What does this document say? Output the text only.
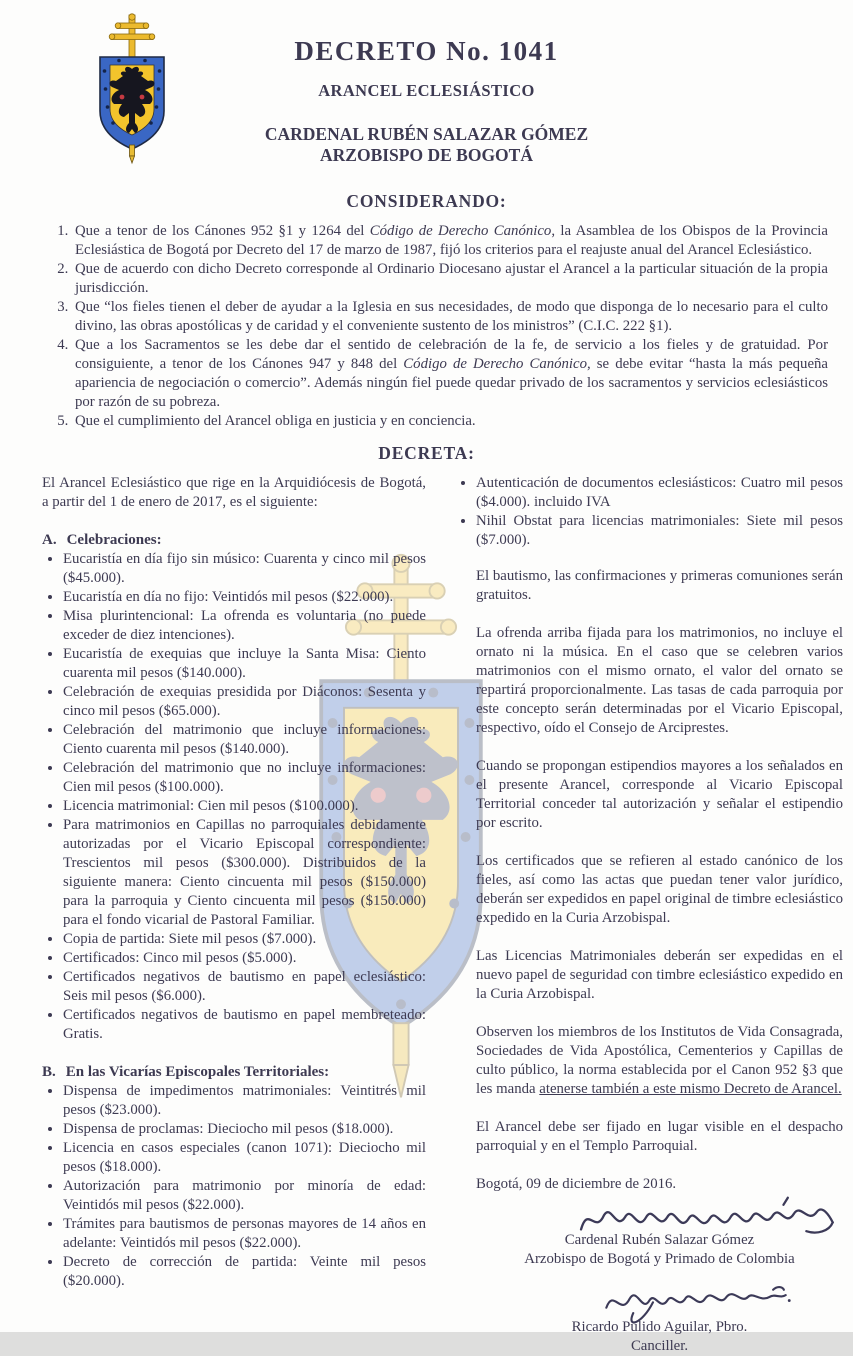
DECRETO No. 1041
ARANCEL ECLESIÁSTICO
CARDENAL RUBÉN SALAZAR GÓMEZ
ARZOBISPO DE BOGOTÁ
CONSIDERANDO:
1. Que a tenor de los Cánones 952 §1 y 1264 del Código de Derecho Canónico, la Asamblea de los Obispos de la Provincia Eclesiástica de Bogotá por Decreto del 17 de marzo de 1987, fijó los criterios para el reajuste anual del Arancel Eclesiástico.
2. Que de acuerdo con dicho Decreto corresponde al Ordinario Diocesano ajustar el Arancel a la particular situación de la propia jurisdicción.
3. Que “los fieles tienen el deber de ayudar a la Iglesia en sus necesidades, de modo que disponga de lo necesario para el culto divino, las obras apostólicas y de caridad y el conveniente sustento de los ministros” (C.I.C. 222 §1).
4. Que a los Sacramentos se les debe dar el sentido de celebración de la fe, de servicio a los fieles y de gratuidad. Por consiguiente, a tenor de los Cánones 947 y 848 del Código de Derecho Canónico, se debe evitar “hasta la más pequeña apariencia de negociación o comercio”. Además ningún fiel puede quedar privado de los sacramentos y servicios eclesiásticos por razón de su pobreza.
5. Que el cumplimiento del Arancel obliga en justicia y en conciencia.
DECRETA:

El Arancel Eclesiástico que rige en la Arquidiócesis de Bogotá, a partir del 1 de enero de 2017, es el siguiente:

A. Celebraciones:
• Eucaristía en día fijo sin músico: Cuarenta y cinco mil pesos ($45.000).
• Eucaristía en día no fijo: Veintidós mil pesos ($22.000).
• Misa plurintencional: La ofrenda es voluntaria (no puede exceder de diez intenciones).
• Eucaristía de exequias que incluye la Santa Misa: Ciento cuarenta mil pesos ($140.000).
• Celebración de exequias presidida por Diáconos: Sesenta y cinco mil pesos ($65.000).
• Celebración del matrimonio que incluye informaciones: Ciento cuarenta mil pesos ($140.000).
• Celebración del matrimonio que no incluye informaciones: Cien mil pesos ($100.000).
• Licencia matrimonial: Cien mil pesos ($100.000).
• Para matrimonios en Capillas no parroquiales debidamente autorizadas por el Vicario Episcopal correspondiente: Trescientos mil pesos ($300.000). Distribuidos de la siguiente manera: Ciento cincuenta mil pesos ($150.000) para la parroquia y Ciento cincuenta mil pesos ($150.000) para el fondo vicarial de Pastoral Familiar.
• Copia de partida: Siete mil pesos ($7.000).
• Certificados: Cinco mil pesos ($5.000).
• Certificados negativos de bautismo en papel eclesiástico: Seis mil pesos ($6.000).
• Certificados negativos de bautismo en papel membreteado: Gratis.
B. En las Vicarías Episcopales Territoriales:
• Dispensa de impedimentos matrimoniales: Veintitrés mil pesos ($23.000).
• Dispensa de proclamas: Dieciocho mil pesos ($18.000).
• Licencia en casos especiales (canon 1071): Dieciocho mil pesos ($18.000).
• Autorización para matrimonio por minoría de edad: Veintidós mil pesos ($22.000).
• Trámites para bautismos de personas mayores de 14 años en adelante: Veintidós mil pesos ($22.000).
• Decreto de corrección de partida: Veinte mil pesos ($20.000).
• Autenticación de documentos eclesiásticos: Cuatro mil pesos ($4.000). incluido IVA
• Nihil Obstat para licencias matrimoniales: Siete mil pesos ($7.000).

El bautismo, las confirmaciones y primeras comuniones serán gratuitos.

La ofrenda arriba fijada para los matrimonios, no incluye el ornato ni la música. En el caso que se celebren varios matrimonios con el mismo ornato, el valor del ornato se repartirá proporcionalmente. Las tasas de cada parroquia por este concepto serán determinadas por el Vicario Episcopal, respectivo, oído el Consejo de Arciprestes.

Cuando se propongan estipendios mayores a los señalados en el presente Arancel, corresponde al Vicario Episcopal Territorial conceder tal autorización y señalar el estipendio por escrito.

Los certificados que se refieren al estado canónico de los fieles, así como las actas que puedan tener valor jurídico, deberán ser expedidos en papel original de timbre eclesiástico expedido en la Curia Arzobispal.

Las Licencias Matrimoniales deberán ser expedidas en el nuevo papel de seguridad con timbre eclesiástico expedido en la Curia Arzobispal.

Observen los miembros de los Institutos de Vida Consagrada, Sociedades de Vida Apostólica, Cementerios y Capillas de culto público, la norma establecida por el Canon 952 §3 que les manda atenerse también a este mismo Decreto de Arancel.

El Arancel debe ser fijado en lugar visible en el despacho parroquial y en el Templo Parroquial.

Bogotá, 09 de diciembre de 2016.

Cardenal Rubén Salazar Gómez
Arzobispo de Bogotá y Primado de Colombia
Ricardo Pulido Aguilar, Pbro.
Canciller.
